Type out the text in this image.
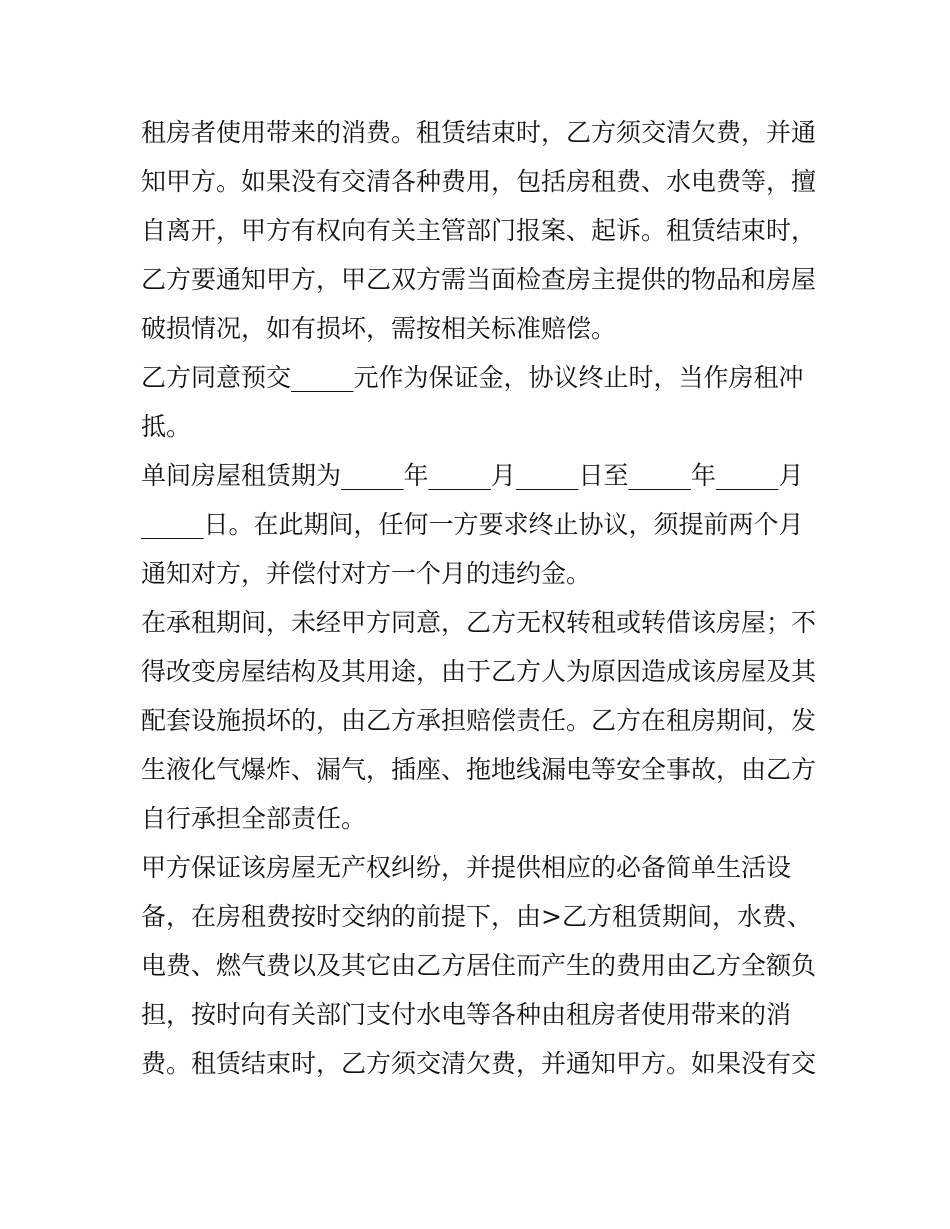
租房者使用带来的消费。租赁结束时，乙方须交清欠费，并通
知甲方。如果没有交清各种费用，包括房租费、水电费等，擅
自离开，甲方有权向有关主管部门报案、起诉。租赁结束时，
乙方要通知甲方，甲乙双方需当面检查房主提供的物品和房屋
破损情况，如有损坏，需按相关标准赔偿。
乙方同意预交_____元作为保证金，协议终止时，当作房租冲
抵。
单间房屋租赁期为_____年_____月_____日至_____年_____月
_____日。在此期间，任何一方要求终止协议，须提前两个月
通知对方，并偿付对方一个月的违约金。
在承租期间，未经甲方同意，乙方无权转租或转借该房屋；不
得改变房屋结构及其用途，由于乙方人为原因造成该房屋及其
配套设施损坏的，由乙方承担赔偿责任。乙方在租房期间，发
生液化气爆炸、漏气，插座、拖地线漏电等安全事故，由乙方
自行承担全部责任。
甲方保证该房屋无产权纠纷，并提供相应的必备简单生活设
备，在房租费按时交纳的前提下，由>乙方租赁期间，水费、
电费、燃气费以及其它由乙方居住而产生的费用由乙方全额负
担，按时向有关部门支付水电等各种由租房者使用带来的消
费。租赁结束时，乙方须交清欠费，并通知甲方。如果没有交
